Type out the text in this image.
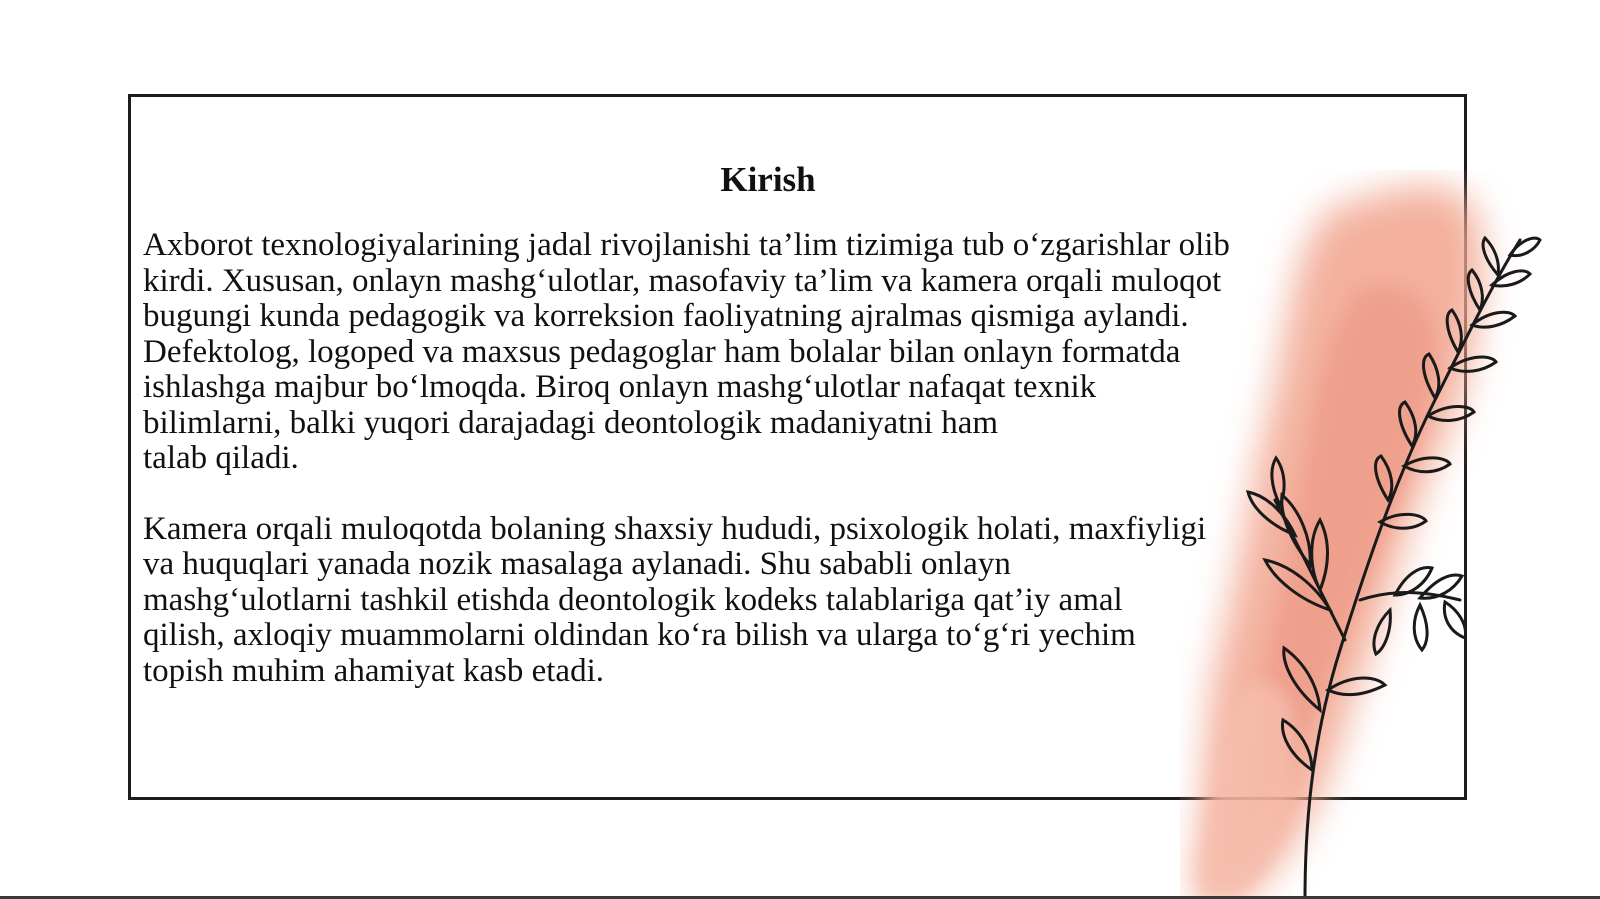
Kirish

Axborot texnologiyalarining jadal rivojlanishi ta’lim tizimiga tub o‘zgarishlar olib
kirdi. Xususan, onlayn mashg‘ulotlar, masofaviy ta’lim va kamera orqali muloqot
bugungi kunda pedagogik va korreksion faoliyatning ajralmas qismiga aylandi.
Defektolog, logoped va maxsus pedagoglar ham bolalar bilan onlayn formatda
ishlashga majbur bo‘lmoqda. Biroq onlayn mashg‘ulotlar nafaqat texnik
bilimlarni, balki yuqori darajadagi deontologik madaniyatni ham
talab qiladi.

Kamera orqali muloqotda bolaning shaxsiy hududi, psixologik holati, maxfiyligi
va huquqlari yanada nozik masalaga aylanadi. Shu sababli onlayn
mashg‘ulotlarni tashkil etishda deontologik kodeks talablariga qat’iy amal
qilish, axloqiy muammolarni oldindan ko‘ra bilish va ularga to‘g‘ri yechim
topish muhim ahamiyat kasb etadi.
